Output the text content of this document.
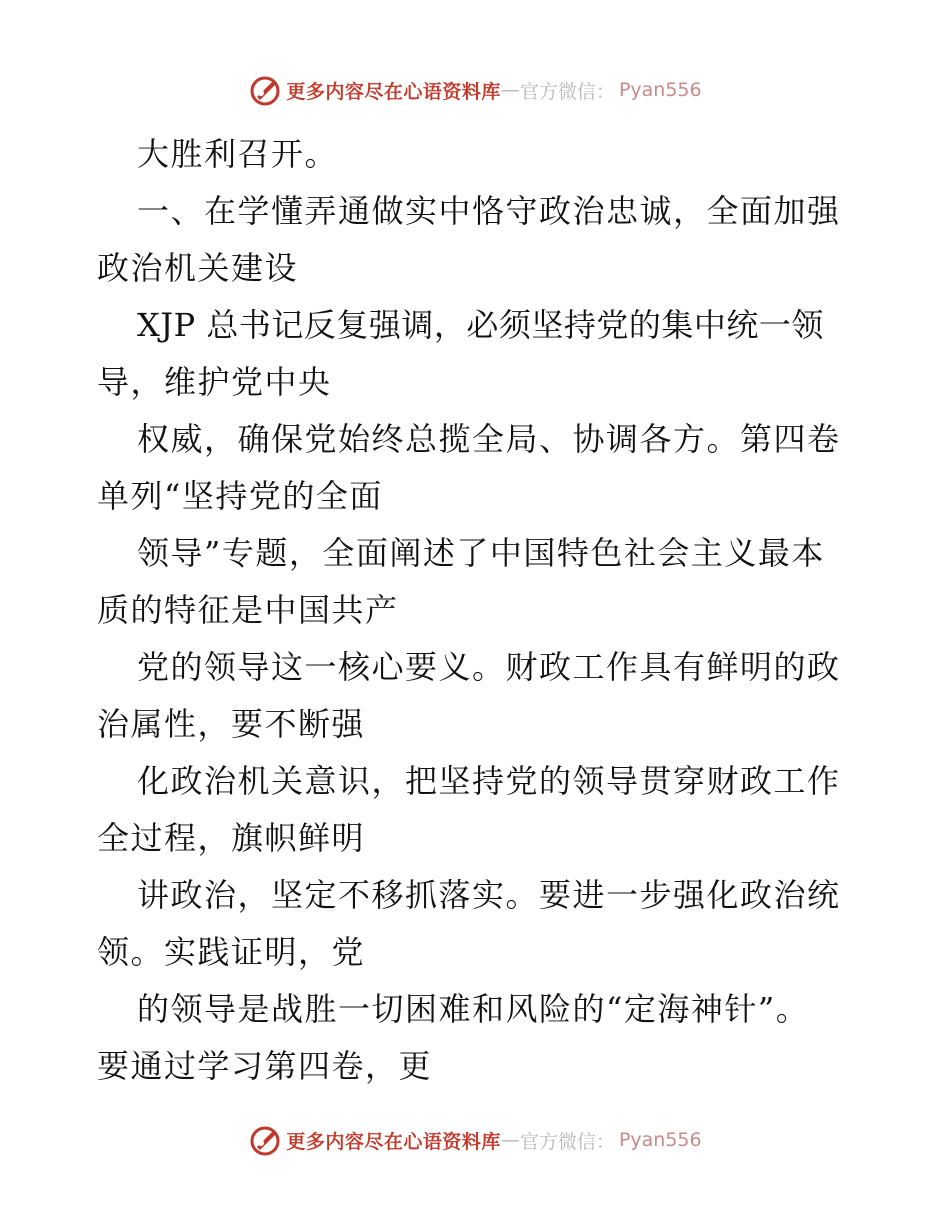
更多内容尽在心语资料库 — 官方微信： Pyan556
大胜利召开。
一、在学懂弄通做实中恪守政治忠诚，全面加强
政治机关建设
XJP 总书记反复强调，必须坚持党的集中统一领
导，维护党中央
权威，确保党始终总揽全局、协调各方。第四卷
单列“坚持党的全面
领导”专题，全面阐述了中国特色社会主义最本
质的特征是中国共产
党的领导这一核心要义。财政工作具有鲜明的政
治属性，要不断强
化政治机关意识，把坚持党的领导贯穿财政工作
全过程，旗帜鲜明
讲政治，坚定不移抓落实。要进一步强化政治统
领。实践证明，党
的领导是战胜一切困难和风险的“定海神针”。
要通过学习第四卷，更
更多内容尽在心语资料库 — 官方微信： Pyan556
